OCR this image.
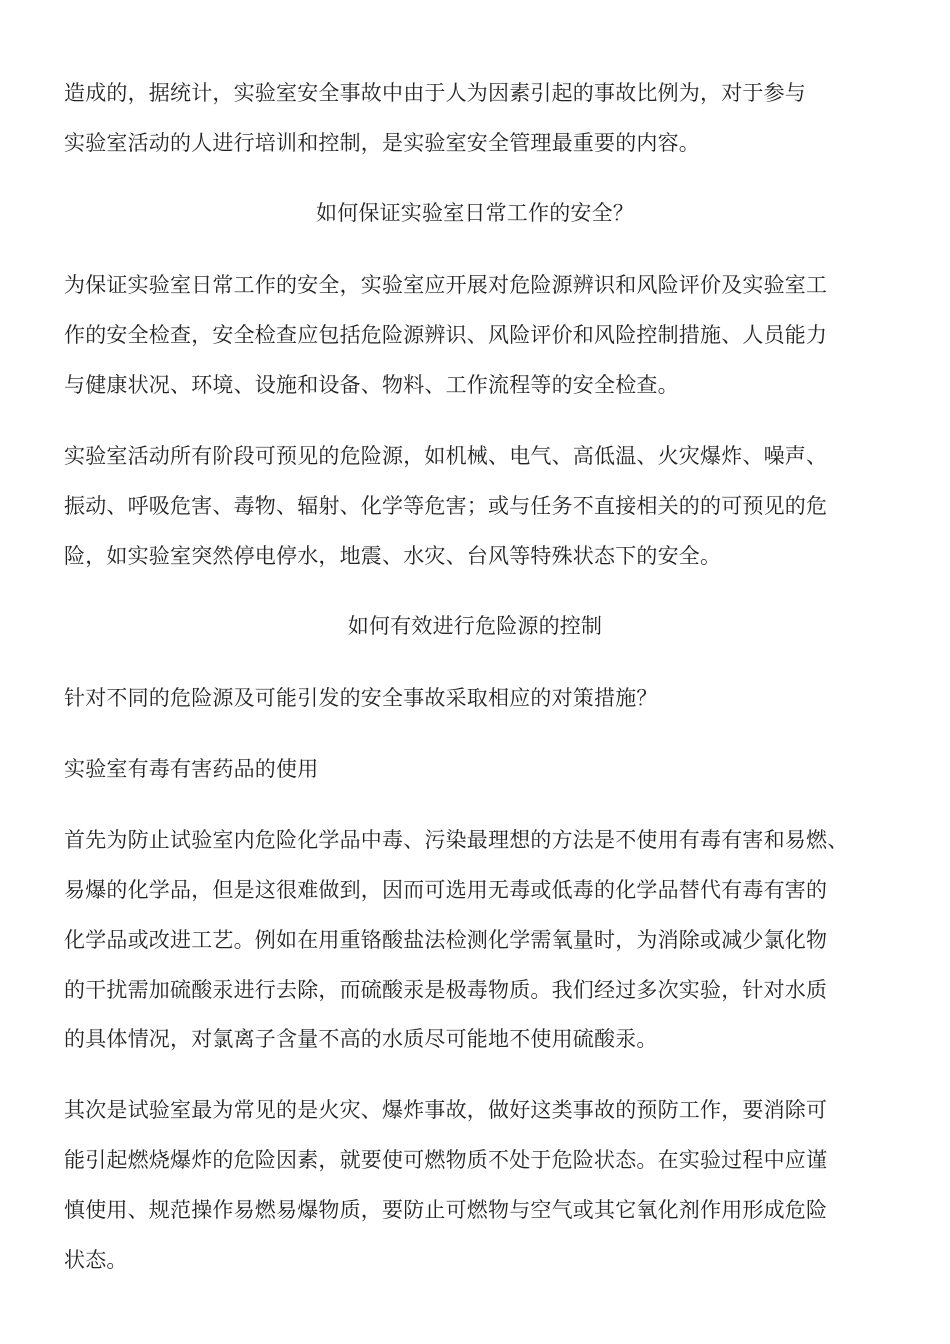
造成的，据统计，实验室安全事故中由于人为因素引起的事故比例为，对于参与
实验室活动的人进行培训和控制，是实验室安全管理最重要的内容。
如何保证实验室日常工作的安全？
为保证实验室日常工作的安全，实验室应开展对危险源辨识和风险评价及实验室工
作的安全检查，安全检查应包括危险源辨识、风险评价和风险控制措施、人员能力
与健康状况、环境、设施和设备、物料、工作流程等的安全检查。
实验室活动所有阶段可预见的危险源，如机械、电气、高低温、火灾爆炸、噪声、
振动、呼吸危害、毒物、辐射、化学等危害；或与任务不直接相关的的可预见的危
险，如实验室突然停电停水，地震、水灾、台风等特殊状态下的安全。
如何有效进行危险源的控制
针对不同的危险源及可能引发的安全事故采取相应的对策措施？
实验室有毒有害药品的使用
首先为防止试验室内危险化学品中毒、污染最理想的方法是不使用有毒有害和易燃、
易爆的化学品，但是这很难做到，因而可选用无毒或低毒的化学品替代有毒有害的
化学品或改进工艺。例如在用重铬酸盐法检测化学需氧量时，为消除或减少氯化物
的干扰需加硫酸汞进行去除，而硫酸汞是极毒物质。我们经过多次实验，针对水质
的具体情况，对氯离子含量不高的水质尽可能地不使用硫酸汞。
其次是试验室最为常见的是火灾、爆炸事故，做好这类事故的预防工作，要消除可
能引起燃烧爆炸的危险因素，就要使可燃物质不处于危险状态。在实验过程中应谨
慎使用、规范操作易燃易爆物质，要防止可燃物与空气或其它氧化剂作用形成危险
状态。
